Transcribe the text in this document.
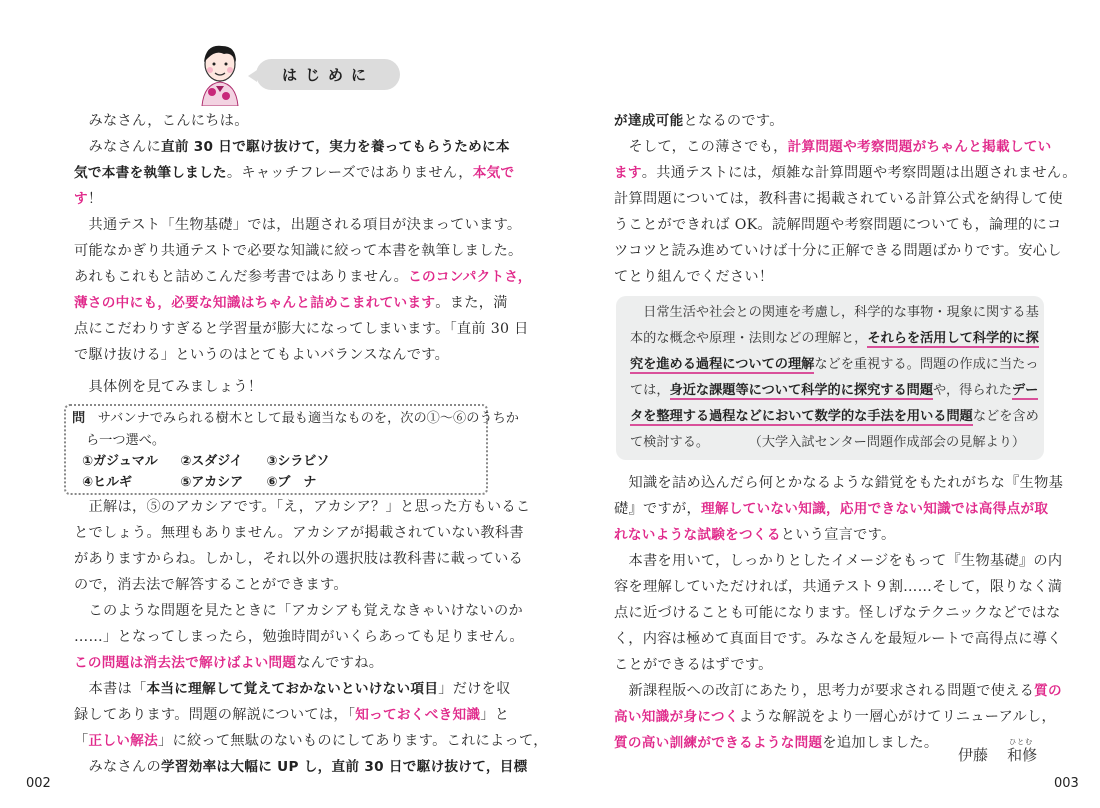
はじめに
　みなさん，こんにちは。
　みなさんに直前 30 日で駆け抜けて，実力を養ってもらうために本
気で本書を執筆しました。キャッチフレーズではありません，本気で
す！
　共通テスト「生物基礎」では，出題される項目が決まっています。
可能なかぎり共通テストで必要な知識に絞って本書を執筆しました。
あれもこれもと詰めこんだ参考書ではありません。このコンパクトさ，
薄さの中にも，必要な知識はちゃんと詰めこまれています。また，満
点にこだわりすぎると学習量が膨大になってしまいます。「直前 30 日
で駆け抜ける」というのはとてもよいバランスなんです。
　具体例を見てみましょう！
問 サバンナでみられる樹木として最も適当なものを，次の①〜⑥のうちか
ら一つ選べ。
①ガジュマル ②スダジイ ③シラビソ
④ヒルギ	⑤アカシア ⑥ブ　ナ
　正解は，⑤のアカシアです。「え，アカシア？」と思った方もいるこ
とでしょう。無理もありません。アカシアが掲載されていない教科書
がありますからね。しかし，それ以外の選択肢は教科書に載っている
ので，消去法で解答することができます。
　このような問題を見たときに「アカシアも覚えなきゃいけないのか
……」となってしまったら，勉強時間がいくらあっても足りません。
この問題は消去法で解けばよい問題なんですね。
　本書は「本当に理解して覚えておかないといけない項目」だけを収
録してあります。問題の解説については，「知っておくべき知識」と
「正しい解法」に絞って無駄のないものにしてあります。これによって，
　みなさんの学習効率は大幅に UP し，直前 30 日で駆け抜けて，目標
002
が達成可能となるのです。
　そして，この薄さでも，計算問題や考察問題がちゃんと掲載してい
ます。共通テストには，煩雑な計算問題や考察問題は出題されません。
計算問題については，教科書に掲載されている計算公式を納得して使
うことができれば OK。読解問題や考察問題についても，論理的にコ
ツコツと読み進めていけば十分に正解できる問題ばかりです。安心し
てとり組んでください！
　日常生活や社会との関連を考慮し，科学的な事物・現象に関する基
本的な概念や原理・法則などの理解と，それらを活用して科学的に探
究を進める過程についての理解などを重視する。問題の作成に当たっ
ては，身近な課題等について科学的に探究する問題や，得られたデー
タを整理する過程などにおいて数学的な手法を用いる問題などを含め
て検討する。　　　　（大学入試センター問題作成部会の見解より）
　知識を詰め込んだら何とかなるような錯覚をもたれがちな『生物基
礎』ですが，理解していない知識，応用できない知識では高得点が取
れないような試験をつくるという宣言です。
　本書を用いて，しっかりとしたイメージをもって『生物基礎』の内
容を理解していただければ，共通テスト９割……そして，限りなく満
点に近づけることも可能になります。怪しげなテクニックなどではな
く，内容は極めて真面目です。みなさんを最短ルートで高得点に導く
ことができるはずです。
　新課程版への改訂にあたり，思考力が要求される問題で使える質の
高い知識が身につくような解説をより一層心がけてリニューアルし，
質の高い訓練ができるような問題を追加しました。
伊藤
ひとむ
和修
003
